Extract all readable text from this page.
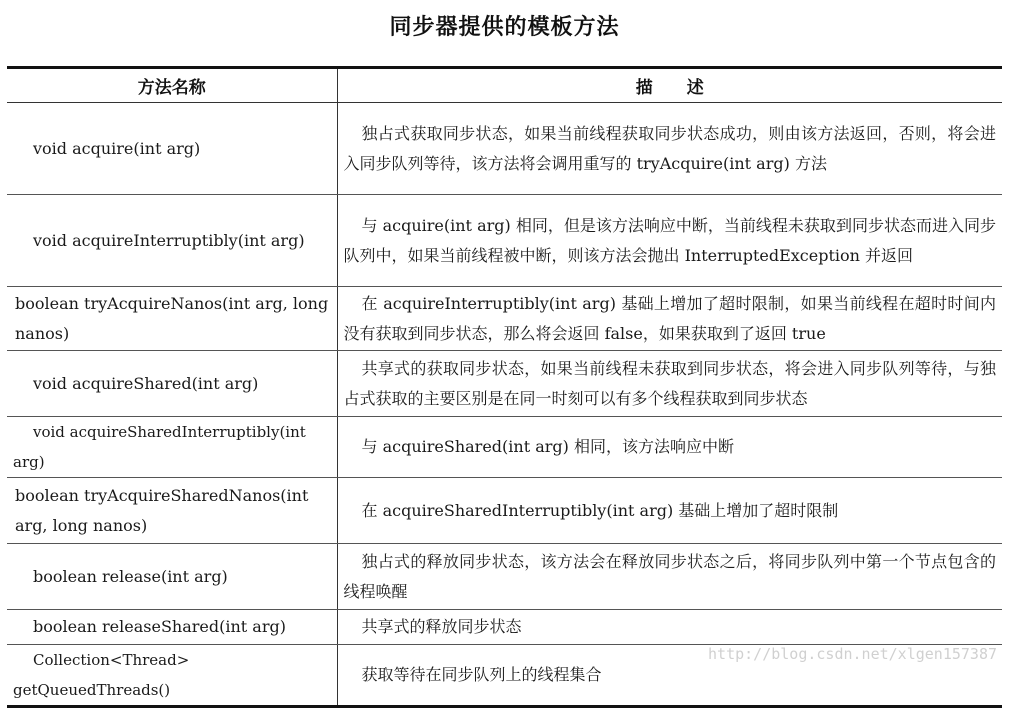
同步器提供的模板方法
方法名称	描　　述
void acquire(int arg)	独占式获取同步状态，如果当前线程获取同步状态成功，则由该方法返回，否则，将会进入同步队列等待，该方法将会调用重写的 tryAcquire(int arg) 方法
void acquireInterruptibly(int arg)	与 acquire(int arg) 相同，但是该方法响应中断，当前线程未获取到同步状态而进入同步队列中，如果当前线程被中断，则该方法会抛出 InterruptedException 并返回
boolean tryAcquireNanos(int arg, long nanos)	在 acquireInterruptibly(int arg) 基础上增加了超时限制，如果当前线程在超时时间内没有获取到同步状态，那么将会返回 false，如果获取到了返回 true
void acquireShared(int arg)	共享式的获取同步状态，如果当前线程未获取到同步状态，将会进入同步队列等待，与独占式获取的主要区别是在同一时刻可以有多个线程获取到同步状态
void acquireSharedInterruptibly(int arg)	与 acquireShared(int arg) 相同，该方法响应中断
boolean tryAcquireSharedNanos(int arg, long nanos)	在 acquireSharedInterruptibly(int arg) 基础上增加了超时限制
boolean release(int arg)	独占式的释放同步状态，该方法会在释放同步状态之后，将同步队列中第一个节点包含的线程唤醒
boolean releaseShared(int arg)	共享式的释放同步状态
Collection<Thread> getQueuedThreads()	获取等待在同步队列上的线程集合
http://blog.csdn.net/xlgen157387
